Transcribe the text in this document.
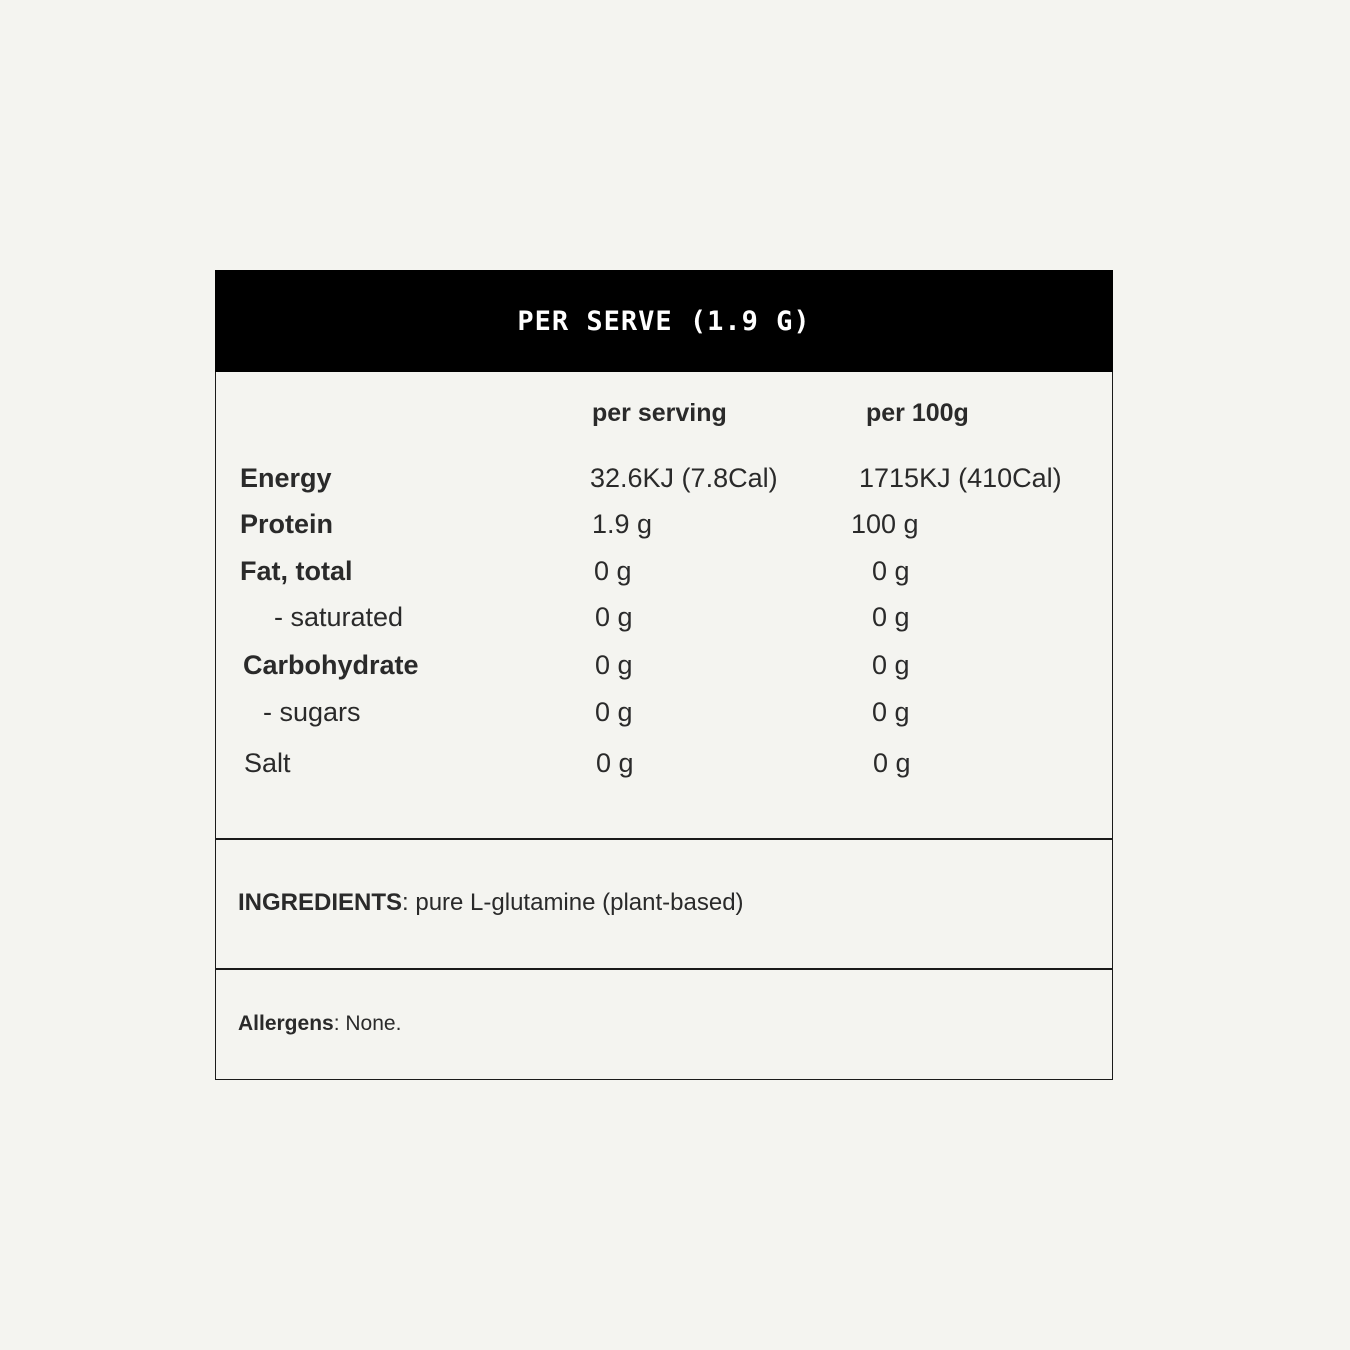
PER SERVE (1.9 G)
per serving	per 100g
Energy	32.6KJ (7.8Cal)	1715KJ (410Cal)
Protein	1.9 g	100 g
Fat, total	0 g	0 g
- saturated	0 g	0 g
Carbohydrate	0 g	0 g
- sugars	0 g	0 g
Salt	0 g	0 g
INGREDIENTS: pure L-glutamine (plant-based)
Allergens: None.
